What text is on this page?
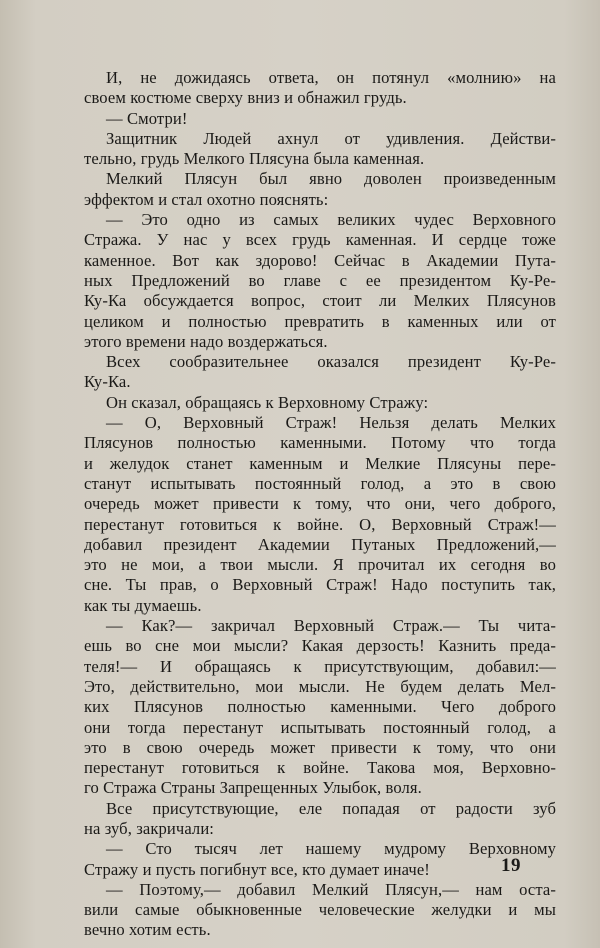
И, не дожидаясь ответа, он потянул «молнию» на
своем костюме сверху вниз и обнажил грудь.
— Смотри!
Защитник Людей ахнул от удивления. Действи-
тельно, грудь Мелкого Плясуна была каменная.
Мелкий Плясун был явно доволен произведенным
эффектом и стал охотно пояснять:
— Это одно из самых великих чудес Верховного
Стража. У нас у всех грудь каменная. И сердце тоже
каменное. Вот как здорово! Сейчас в Академии Пута-
ных Предложений во главе с ее президентом Ку-Ре-
Ку-Ка обсуждается вопрос, стоит ли Мелких Плясунов
целиком и полностью превратить в каменных или от
этого времени надо воздержаться.
Всех сообразительнее оказался президент Ку-Ре-
Ку-Ка.
Он сказал, обращаясь к Верховному Стражу:
— О, Верховный Страж! Нельзя делать Мелких
Плясунов полностью каменными. Потому что тогда
и желудок станет каменным и Мелкие Плясуны пере-
станут испытывать постоянный голод, а это в свою
очередь может привести к тому, что они, чего доброго,
перестанут готовиться к войне. О, Верховный Страж!—
добавил президент Академии Путаных Предложений,—
это не мои, а твои мысли. Я прочитал их сегодня во
сне. Ты прав, о Верховный Страж! Надо поступить так,
как ты думаешь.
— Как?— закричал Верховный Страж.— Ты чита-
ешь во сне мои мысли? Какая дерзость! Казнить преда-
теля!— И обращаясь к присутствующим, добавил:—
Это, действительно, мои мысли. Не будем делать Мел-
ких Плясунов полностью каменными. Чего доброго
они тогда перестанут испытывать постоянный голод, а
это в свою очередь может привести к тому, что они
перестанут готовиться к войне. Такова моя, Верховно-
го Стража Страны Запрещенных Улыбок, воля.
Все присутствующие, еле попадая от радости зуб
на зуб, закричали:
— Сто тысяч лет нашему мудрому Верховному
Стражу и пусть погибнут все, кто думает иначе!
— Поэтому,— добавил Мелкий Плясун,— нам оста-
вили самые обыкновенные человеческие желудки и мы
вечно хотим есть.
19
